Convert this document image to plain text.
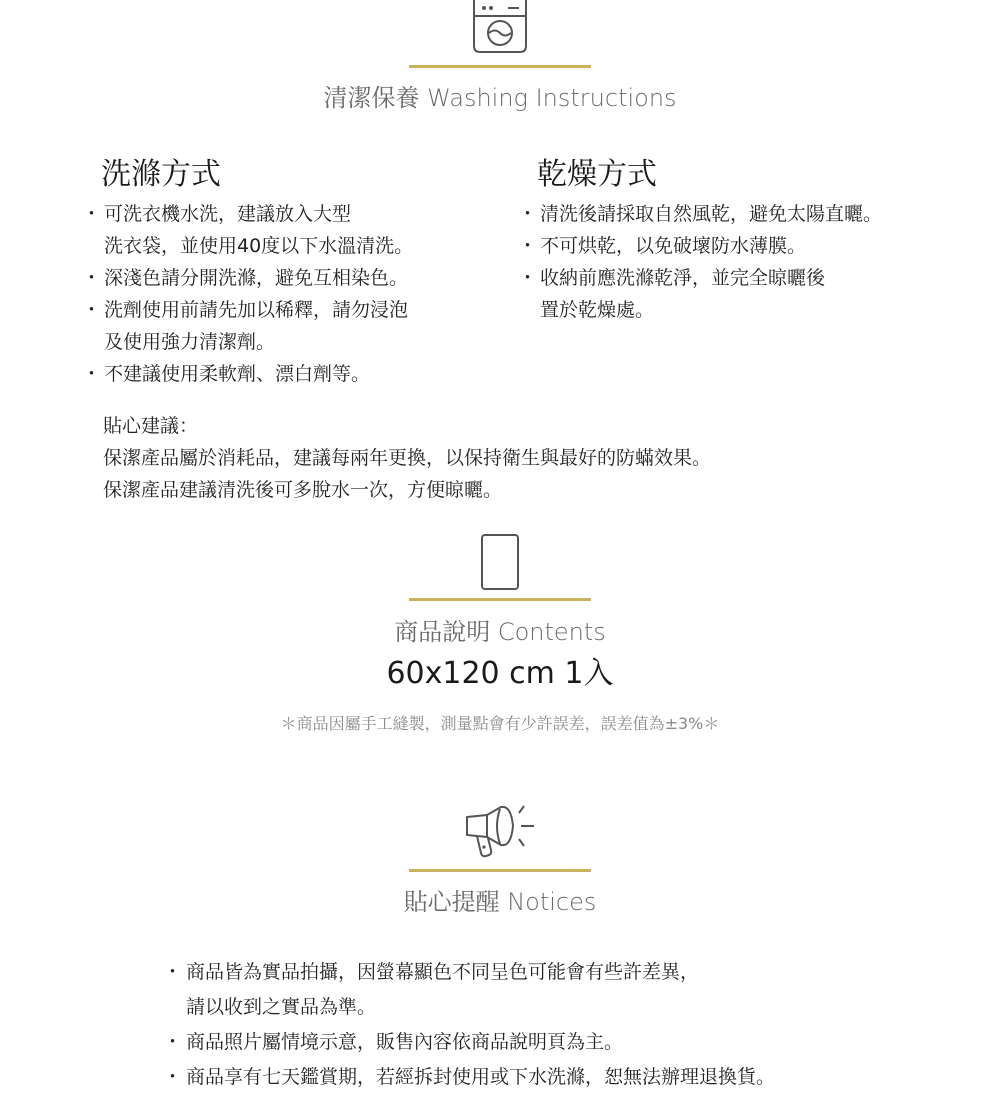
清潔保養 Washing Instructions
洗滌方式
・ 可洗衣機水洗，建議放入大型
洗衣袋，並使用40度以下水溫清洗。
・ 深淺色請分開洗滌，避免互相染色。
・ 洗劑使用前請先加以稀釋，請勿浸泡
及使用強力清潔劑。
・ 不建議使用柔軟劑、漂白劑等。
乾燥方式
・ 清洗後請採取自然風乾，避免太陽直曬。
・ 不可烘乾，以免破壞防水薄膜。
・ 收納前應洗滌乾淨，並完全晾曬後
置於乾燥處。
貼心建議：
保潔產品屬於消耗品，建議每兩年更換，以保持衛生與最好的防蟎效果。
保潔產品建議清洗後可多脫水一次，方便晾曬。
商品說明 Contents
60x120 cm 1入
＊商品因屬手工縫製，測量點會有少許誤差，誤差值為±3%＊
貼心提醒 Notices
・ 商品皆為實品拍攝，因螢幕顯色不同呈色可能會有些許差異，
請以收到之實品為準。
・ 商品照片屬情境示意，販售內容依商品說明頁為主。
・ 商品享有七天鑑賞期，若經拆封使用或下水洗滌，恕無法辦理退換貨。
